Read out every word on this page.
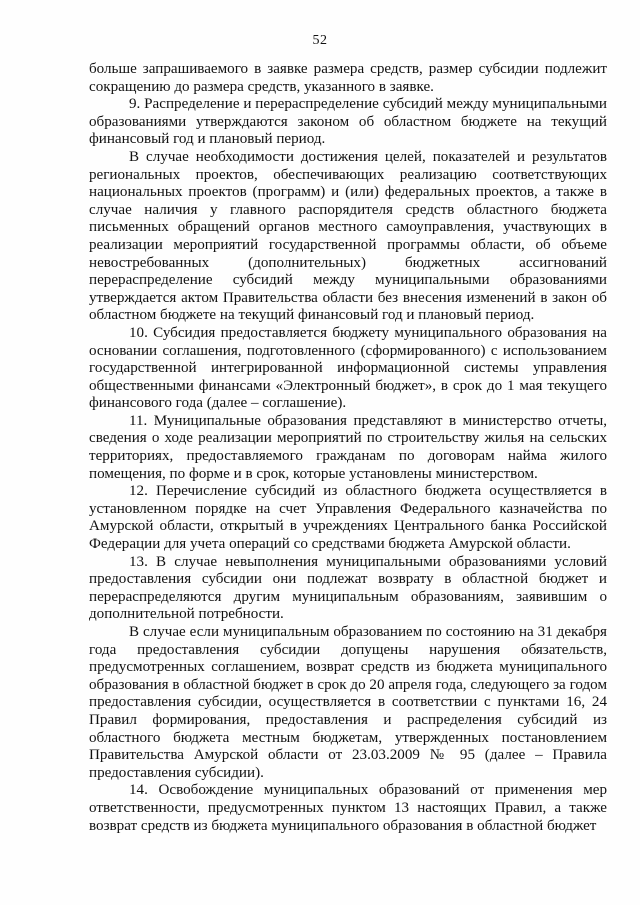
52

больше запрашиваемого в заявке размера средств, размер субсидии подлежит сокращению до размера средств, указанного в заявке.

9. Распределение и перераспределение субсидий между муниципальными образованиями утверждаются законом об областном бюджете на текущий финансовый год и плановый период.

В случае необходимости достижения целей, показателей и результатов региональных проектов, обеспечивающих реализацию соответствующих национальных проектов (программ) и (или) федеральных проектов, а также в случае наличия у главного распорядителя средств областного бюджета письменных обращений органов местного самоуправления, участвующих в реализации мероприятий государственной программы области, об объеме невостребованных (дополнительных) бюджетных ассигнований перераспределение субсидий между муниципальными образованиями утверждается актом Правительства области без внесения изменений в закон об областном бюджете на текущий финансовый год и плановый период.

10. Субсидия предоставляется бюджету муниципального образования на основании соглашения, подготовленного (сформированного) с использованием государственной интегрированной информационной системы управления общественными финансами «Электронный бюджет», в срок до 1 мая текущего финансового года (далее – соглашение).

11. Муниципальные образования представляют в министерство отчеты, сведения о ходе реализации мероприятий по строительству жилья на сельских территориях, предоставляемого гражданам по договорам найма жилого помещения, по форме и в срок, которые установлены министерством.

12. Перечисление субсидий из областного бюджета осуществляется в установленном порядке на счет Управления Федерального казначейства по Амурской области, открытый в учреждениях Центрального банка Российской Федерации для учета операций со средствами бюджета Амурской области.

13. В случае невыполнения муниципальными образованиями условий предоставления субсидии они подлежат возврату в областной бюджет и перераспределяются другим муниципальным образованиям, заявившим о дополнительной потребности.

В случае если муниципальным образованием по состоянию на 31 декабря года предоставления субсидии допущены нарушения обязательств, предусмотренных соглашением, возврат средств из бюджета муниципального образования в областной бюджет в срок до 20 апреля года, следующего за годом предоставления субсидии, осуществляется в соответствии с пунктами 16, 24 Правил формирования, предоставления и распределения субсидий из областного бюджета местным бюджетам, утвержденных постановлением Правительства Амурской области от 23.03.2009 № 95 (далее – Правила предоставления субсидии).

14. Освобождение муниципальных образований от применения мер ответственности, предусмотренных пунктом 13 настоящих Правил, а также возврат средств из бюджета муниципального образования в областной бюджет
